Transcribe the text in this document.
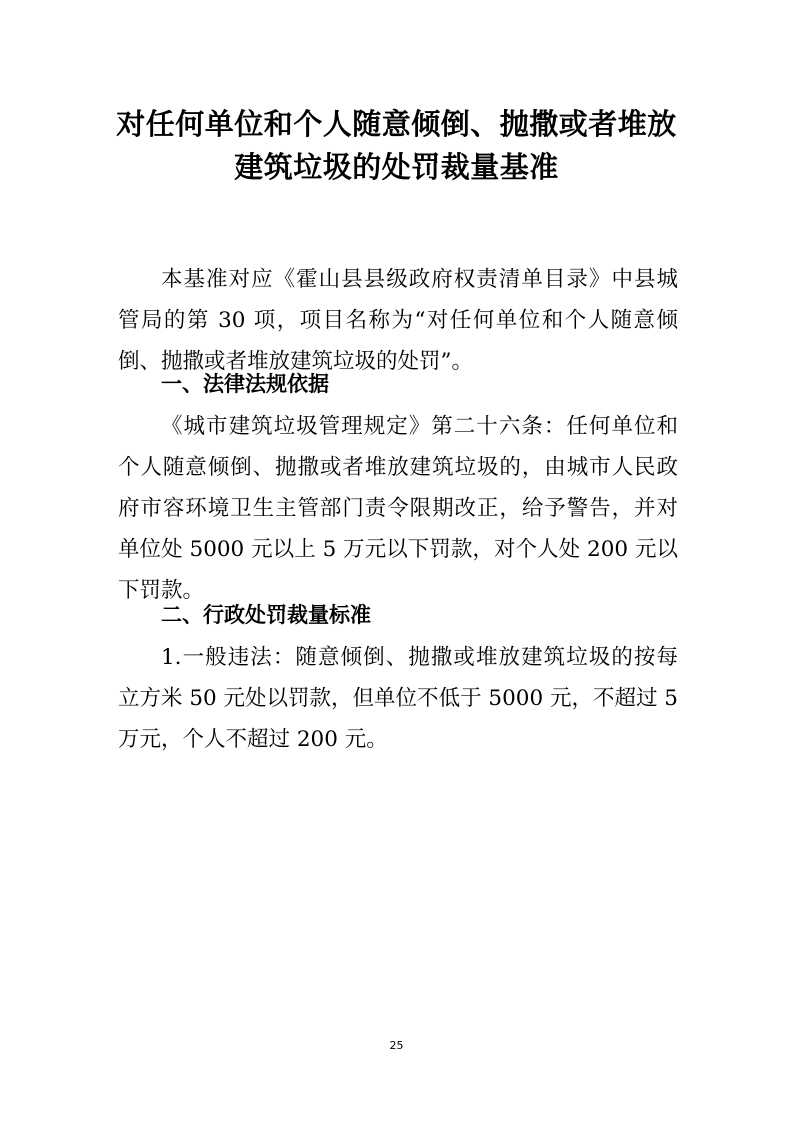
对任何单位和个人随意倾倒、抛撒或者堆放
建筑垃圾的处罚裁量基准
本基准对应《霍山县县级政府权责清单目录》中县城
管局的第 30 项，项目名称为“对任何单位和个人随意倾
倒、抛撒或者堆放建筑垃圾的处罚”。
一、法律法规依据
《城市建筑垃圾管理规定》第二十六条：任何单位和
个人随意倾倒、抛撒或者堆放建筑垃圾的，由城市人民政
府市容环境卫生主管部门责令限期改正，给予警告，并对
单位处 5000 元以上 5 万元以下罚款，对个人处 200 元以
下罚款。
二、行政处罚裁量标准
1.一般违法：随意倾倒、抛撒或堆放建筑垃圾的按每
立方米 50 元处以罚款，但单位不低于 5000 元，不超过 5
万元，个人不超过 200 元。
25
